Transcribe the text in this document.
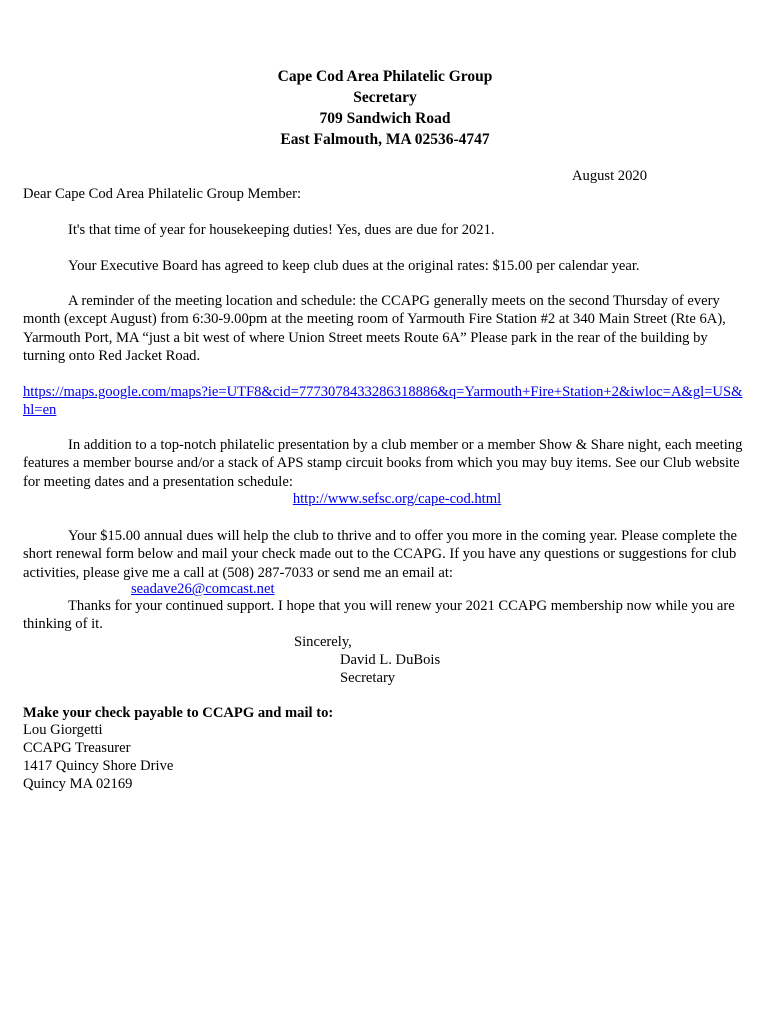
Cape Cod Area Philatelic Group
Secretary
709 Sandwich Road
East Falmouth, MA 02536-4747
August 2020
Dear Cape Cod Area Philatelic Group Member:
It's that time of year for housekeeping duties! Yes, dues are due for 2021.
Your Executive Board has agreed to keep club dues at the original rates: $15.00 per calendar year.
A reminder of the meeting location and schedule: the CCAPG generally meets on the second Thursday of every month (except August) from 6:30-9.00pm at the meeting room of Yarmouth Fire Station #2 at 340 Main Street (Rte 6A), Yarmouth Port, MA “just a bit west of where Union Street meets Route 6A” Please park in the rear of the building by turning onto Red Jacket Road.
https://maps.google.com/maps?ie=UTF8&cid=7773078433286318886&q=Yarmouth+Fire+Station+2&iwloc=A&gl=US&hl=en
In addition to a top-notch philatelic presentation by a club member or a member Show & Share night, each meeting features a member bourse and/or a stack of APS stamp circuit books from which you may buy items. See our Club website for meeting dates and a presentation schedule:
http://www.sefsc.org/cape-cod.html
Your $15.00 annual dues will help the club to thrive and to offer you more in the coming year. Please complete the short renewal form below and mail your check made out to the CCAPG. If you have any questions or suggestions for club activities, please give me a call at (508) 287-7033 or send me an email at:
seadave26@comcast.net
Thanks for your continued support. I hope that you will renew your 2021 CCAPG membership now while you are thinking of it.
Sincerely,
David L. DuBois
Secretary
Make your check payable to CCAPG and mail to:
Lou Giorgetti
CCAPG Treasurer
1417 Quincy Shore Drive
Quincy MA 02169
